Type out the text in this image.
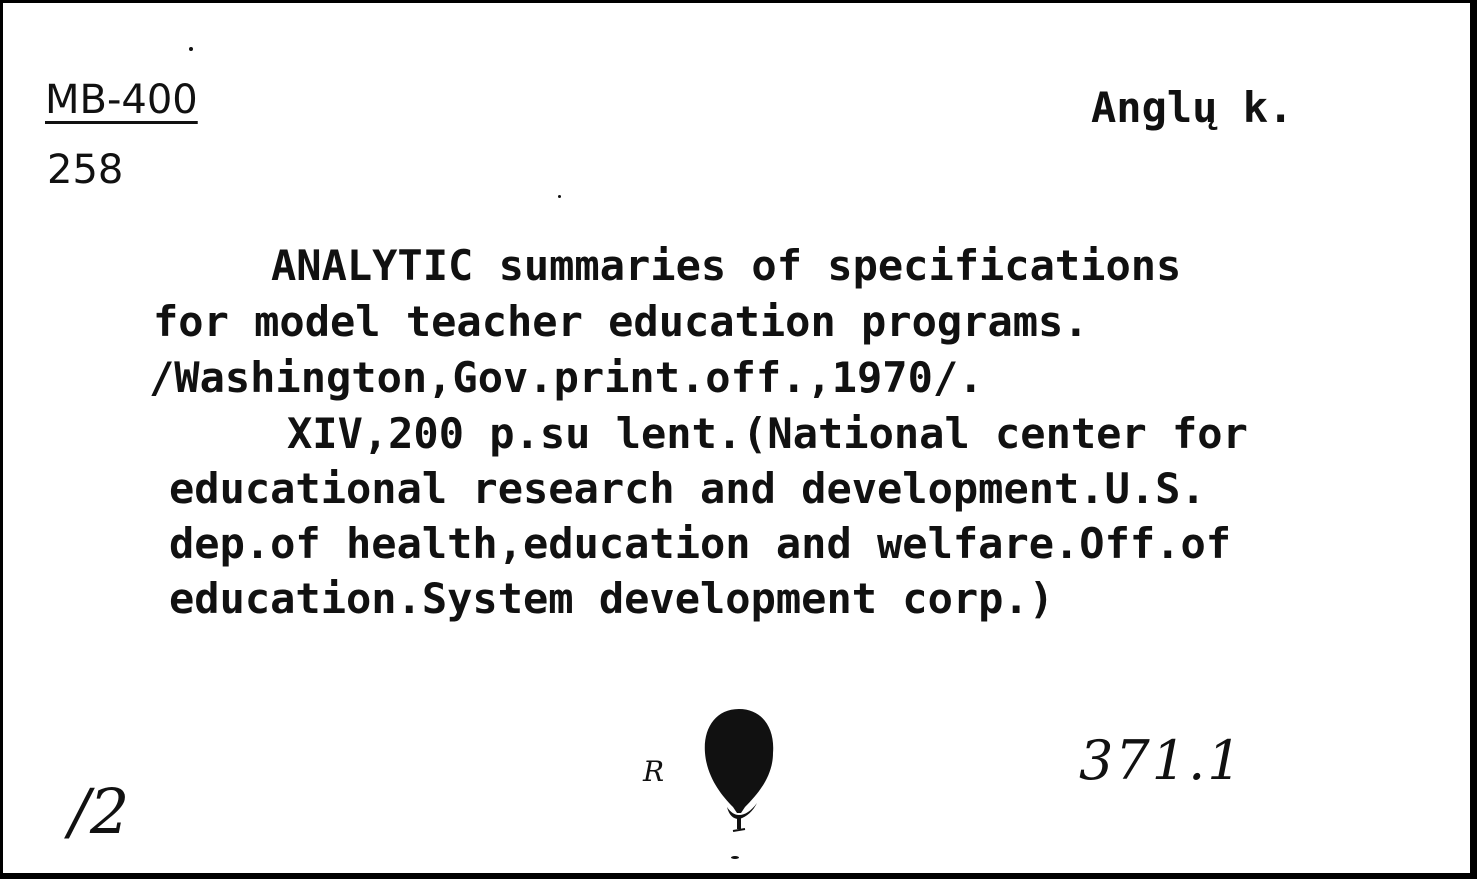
MB-400

258

Anglų k.

ANALYTIC summaries of specifications

for model teacher education programs.

/Washington,Gov.print.off.,1970/.

XIV,200 p.su lent.(National center for

educational research and development.U.S.

dep.of health,education and welfare.Off.of

education.System development corp.)

R	371.1
/2
